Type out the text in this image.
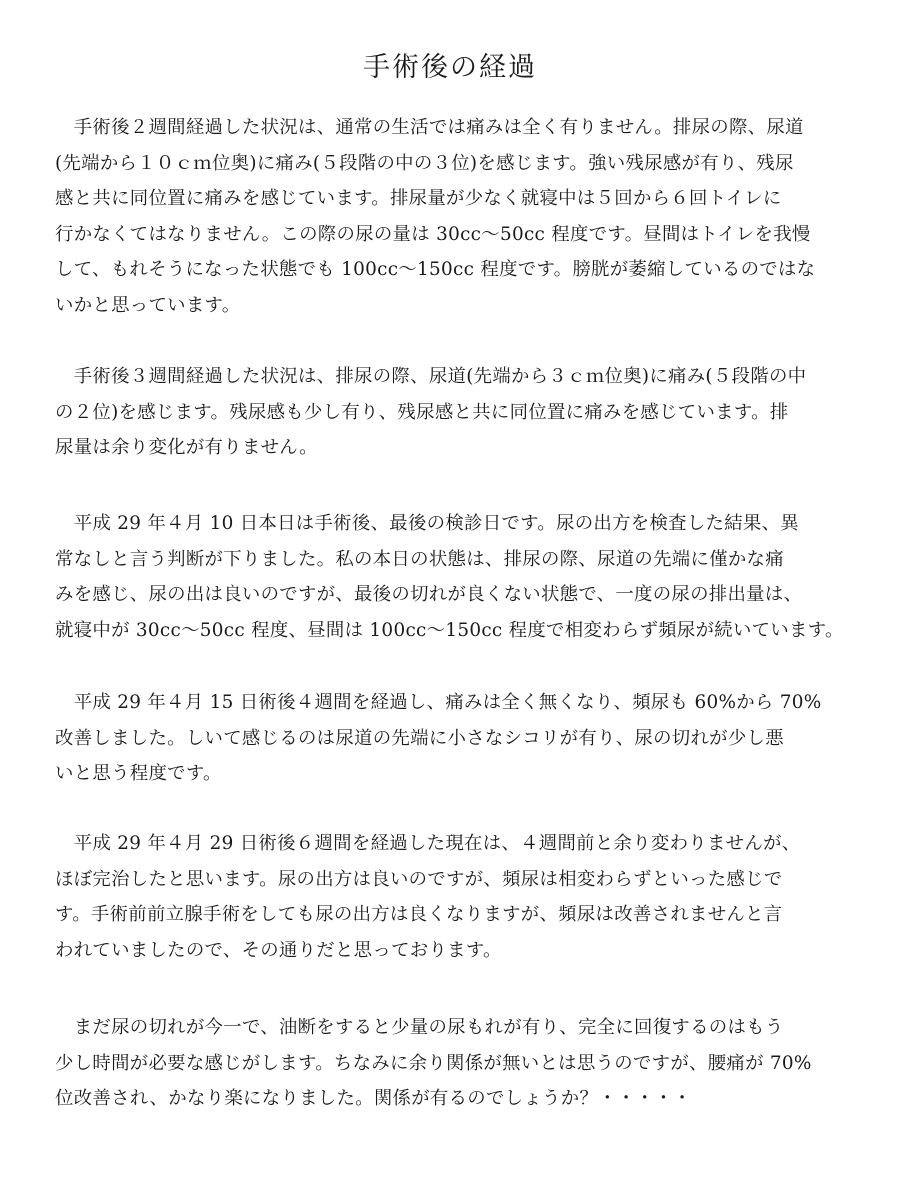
手術後の経過

　手術後２週間経過した状況は、通常の生活では痛みは全く有りません。排尿の際、尿道
(先端から１０ｃｍ位奥)に痛み(５段階の中の３位)を感じます。強い残尿感が有り、残尿
感と共に同位置に痛みを感じています。排尿量が少なく就寝中は５回から６回トイレに
行かなくてはなりません。この際の尿の量は 30cc〜50cc 程度です。昼間はトイレを我慢
して、もれそうになった状態でも 100cc〜150cc 程度です。膀胱が萎縮しているのではな
いかと思っています。

　手術後３週間経過した状況は、排尿の際、尿道(先端から３ｃｍ位奥)に痛み(５段階の中
の２位)を感じます。残尿感も少し有り、残尿感と共に同位置に痛みを感じています。排
尿量は余り変化が有りません。

　平成 29 年４月 10 日本日は手術後、最後の検診日です。尿の出方を検査した結果、異
常なしと言う判断が下りました。私の本日の状態は、排尿の際、尿道の先端に僅かな痛
みを感じ、尿の出は良いのですが、最後の切れが良くない状態で、一度の尿の排出量は、
就寝中が 30cc〜50cc 程度、昼間は 100cc〜150cc 程度で相変わらず頻尿が続いています。

　平成 29 年４月 15 日術後４週間を経過し、痛みは全く無くなり、頻尿も 60%から 70%
改善しました。しいて感じるのは尿道の先端に小さなシコリが有り、尿の切れが少し悪
いと思う程度です。

　平成 29 年４月 29 日術後６週間を経過した現在は、４週間前と余り変わりませんが、
ほぼ完治したと思います。尿の出方は良いのですが、頻尿は相変わらずといった感じで
す。手術前前立腺手術をしても尿の出方は良くなりますが、頻尿は改善されませんと言
われていましたので、その通りだと思っております。

　まだ尿の切れが今一で、油断をすると少量の尿もれが有り、完全に回復するのはもう
少し時間が必要な感じがします。ちなみに余り関係が無いとは思うのですが、腰痛が 70%
位改善され、かなり楽になりました。関係が有るのでしょうか？・・・・・
